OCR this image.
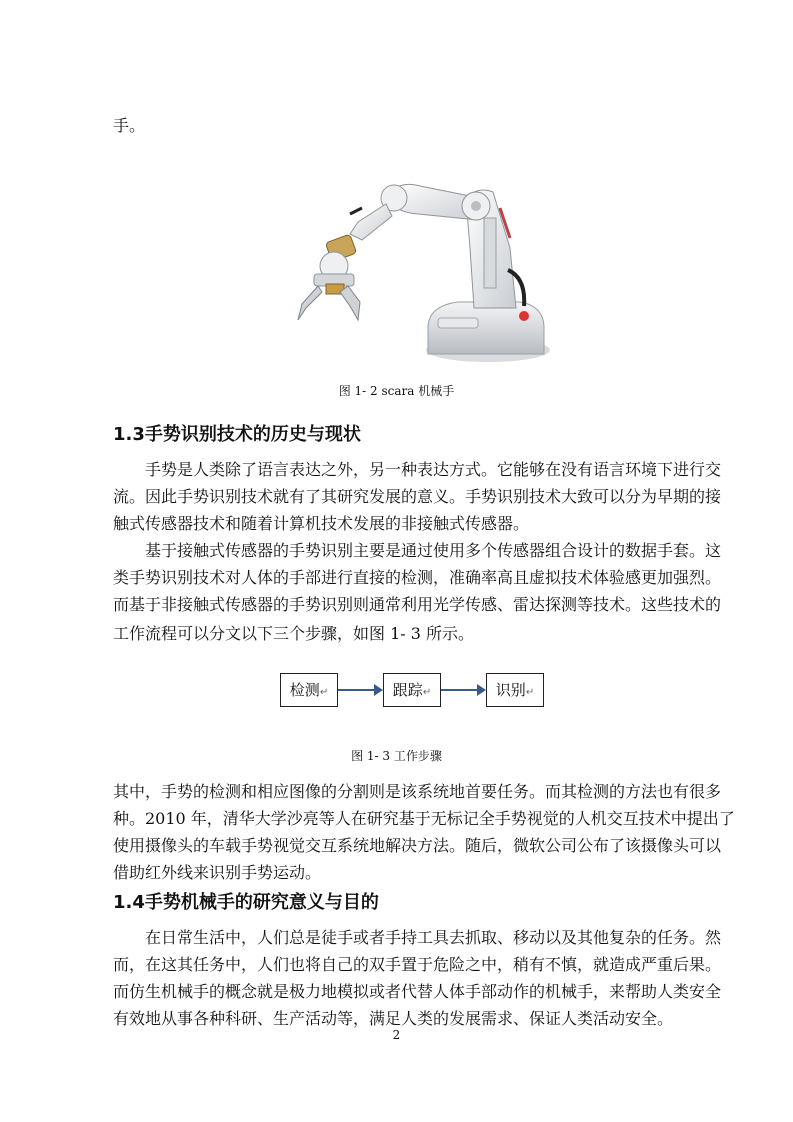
手。
图 1- 2 scara 机械手
1.3手势识别技术的历史与现状
手势是人类除了语言表达之外，另一种表达方式。它能够在没有语言环境下进行交
流。因此手势识别技术就有了其研究发展的意义。手势识别技术大致可以分为早期的接
触式传感器技术和随着计算机技术发展的非接触式传感器。
基于接触式传感器的手势识别主要是通过使用多个传感器组合设计的数据手套。这
类手势识别技术对人体的手部进行直接的检测，准确率高且虚拟技术体验感更加强烈。
而基于非接触式传感器的手势识别则通常利用光学传感、雷达探测等技术。这些技术的
工作流程可以分文以下三个步骤，如图 1- 3 所示。
检测↵	跟踪↵	识别↵
图 1- 3 工作步骤
其中，手势的检测和相应图像的分割则是该系统地首要任务。而其检测的方法也有很多
种。2010 年，清华大学沙亮等人在研究基于无标记全手势视觉的人机交互技术中提出了
使用摄像头的车载手势视觉交互系统地解决方法。随后，微软公司公布了该摄像头可以
借助红外线来识别手势运动。
1.4手势机械手的研究意义与目的
在日常生活中，人们总是徒手或者手持工具去抓取、移动以及其他复杂的任务。然
而，在这其任务中，人们也将自己的双手置于危险之中，稍有不慎，就造成严重后果。
而仿生机械手的概念就是极力地模拟或者代替人体手部动作的机械手，来帮助人类安全
有效地从事各种科研、生产活动等，满足人类的发展需求、保证人类活动安全。
2
